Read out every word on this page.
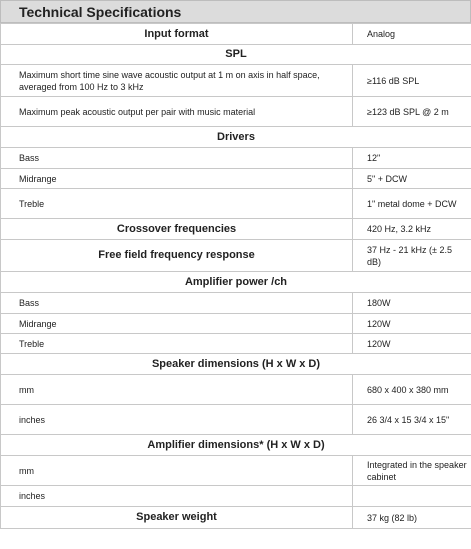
Technical Specifications
Input format	Analog
SPL	
Maximum short time sine wave acoustic output at 1 m on axis in half space, averaged from 100 Hz to 3 kHz	≥116 dB SPL
Maximum peak acoustic output per pair with music material	≥123 dB SPL @ 2 m
Drivers	
Bass	12"
Midrange	5" + DCW
Treble	1" metal dome + DCW
Crossover frequencies	420 Hz, 3.2 kHz
Free field frequency response	37 Hz - 21 kHz (± 2.5 dB)
Amplifier power /ch	
Bass	180W
Midrange	120W
Treble	120W
Speaker dimensions (H x W x D)	
mm	680 x 400 x 380 mm
inches	26 3/4 x 15 3/4 x 15"
Amplifier dimensions* (H x W x D)	
mm	Integrated in the speaker cabinet
inches	
Speaker weight	37 kg (82 lb)
